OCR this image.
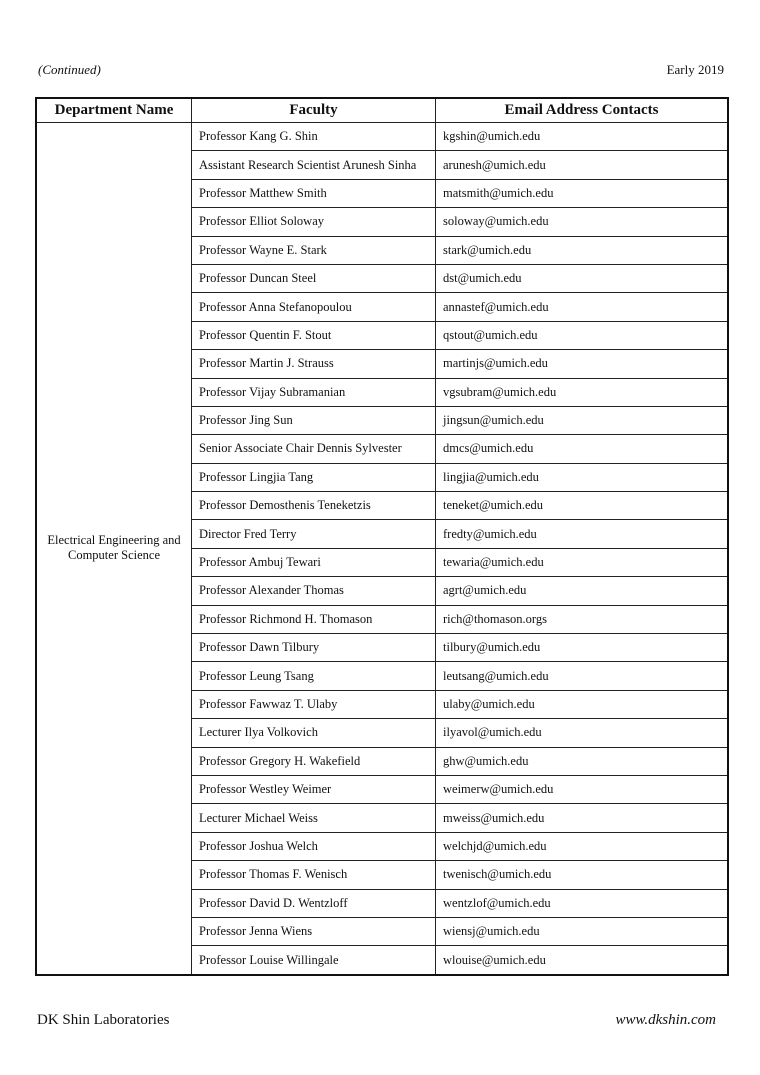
(Continued)	Early 2019
Department Name	Faculty	Email Address Contacts
Electrical Engineering and Computer Science	Professor Kang G. Shin	kgshin@umich.edu
	Assistant Research Scientist Arunesh Sinha	arunesh@umich.edu
	Professor Matthew Smith	matsmith@umich.edu
	Professor Elliot Soloway	soloway@umich.edu
	Professor Wayne E. Stark	stark@umich.edu
	Professor Duncan Steel	dst@umich.edu
	Professor Anna Stefanopoulou	annastef@umich.edu
	Professor Quentin F. Stout	qstout@umich.edu
	Professor Martin J. Strauss	martinjs@umich.edu
	Professor Vijay Subramanian	vgsubram@umich.edu
	Professor Jing Sun	jingsun@umich.edu
	Senior Associate Chair Dennis Sylvester	dmcs@umich.edu
	Professor Lingjia Tang	lingjia@umich.edu
	Professor Demosthenis Teneketzis	teneket@umich.edu
	Director Fred Terry	fredty@umich.edu
	Professor Ambuj Tewari	tewaria@umich.edu
	Professor Alexander Thomas	agrt@umich.edu
	Professor Richmond H. Thomason	rich@thomason.orgs
	Professor Dawn Tilbury	tilbury@umich.edu
	Professor Leung Tsang	leutsang@umich.edu
	Professor Fawwaz T. Ulaby	ulaby@umich.edu
	Lecturer Ilya Volkovich	ilyavol@umich.edu
	Professor Gregory H. Wakefield	ghw@umich.edu
	Professor Westley Weimer	weimerw@umich.edu
	Lecturer Michael Weiss	mweiss@umich.edu
	Professor Joshua Welch	welchjd@umich.edu
	Professor Thomas F. Wenisch	twenisch@umich.edu
	Professor David D. Wentzloff	wentzlof@umich.edu
	Professor Jenna Wiens	wiensj@umich.edu
	Professor Louise Willingale	wlouise@umich.edu
DK Shin Laboratories	www.dkshin.com
